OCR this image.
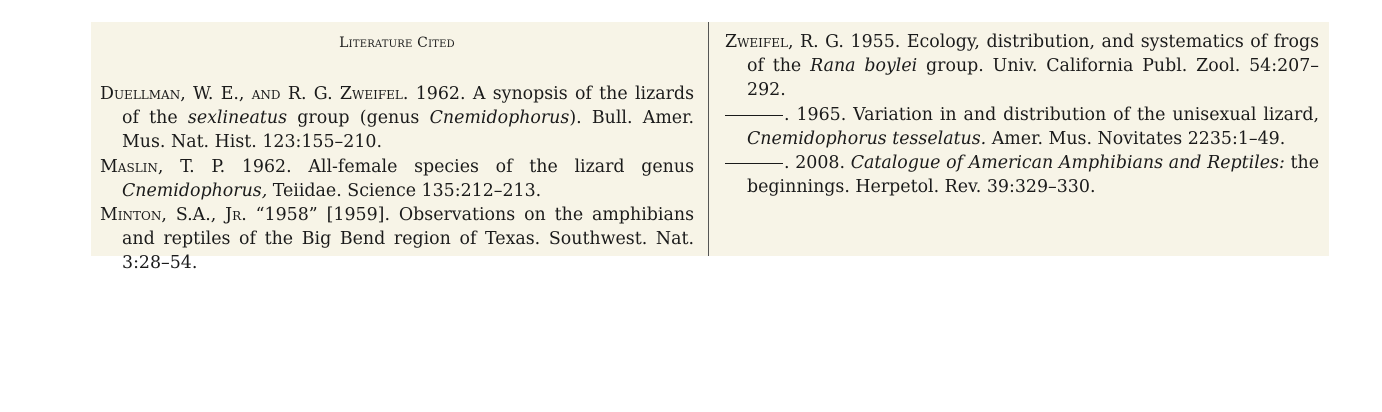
Literature Cited

Duellman, W. E., and R. G. Zweifel. 1962. A synopsis of the lizards of the sexlineatus group (genus Cnemidophorus). Bull. Amer. Mus. Nat. Hist. 123:155–210.

Maslin, T. P. 1962. All-female species of the lizard genus Cnemidophorus, Teiidae. Science 135:212–213.

Minton, S.A., Jr. “1958” [1959]. Observations on the amphibians and reptiles of the Big Bend region of Texas. Southwest. Nat. 3:28–54.

Zweifel, R. G. 1955. Ecology, distribution, and systematics of frogs of the Rana boylei group. Univ. California Publ. Zool. 54:207–292.

. 1965. Variation in and distribution of the unisexual lizard, Cnemidophorus tesselatus. Amer. Mus. Novitates 2235:1–49.

. 2008. Catalogue of American Amphibians and Reptiles: the beginnings. Herpetol. Rev. 39:329–330.
